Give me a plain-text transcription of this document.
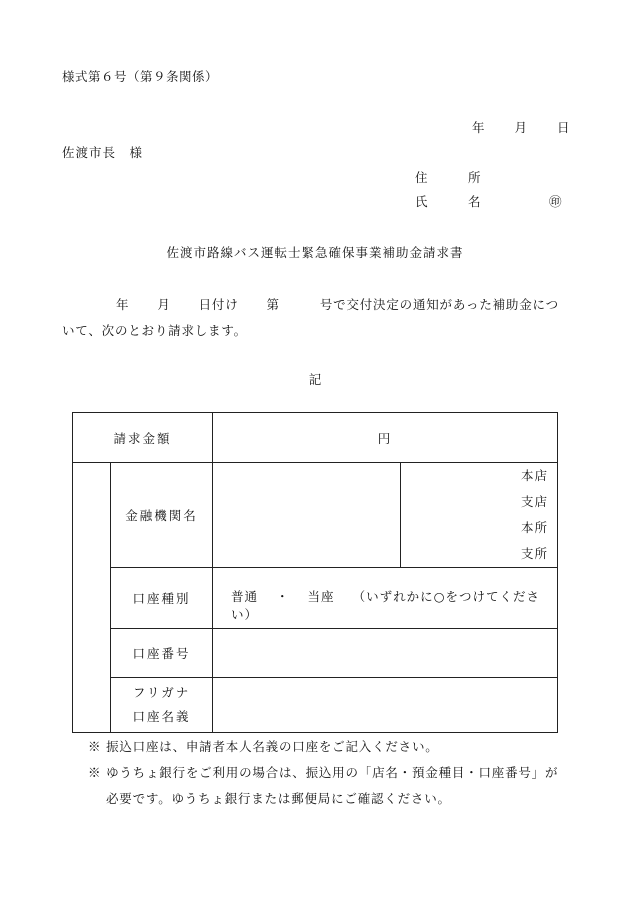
様式第６号（第９条関係）
年 月 日
佐渡市長　様
住　所
氏　名	㊞
佐渡市路線バス運転士緊急確保事業補助金請求書
年 月 日付け 第	号で交付決定の通知があった補助金につ
いて、次のとおり請求します。
記
請求金額		円	
	金融機関名		本店
支店
本所
支所

	口座種別	普通 ・ 当座 （いずれかに○をつけてください）	
	口座番号		

	フリガナ
口座名義		

※ 振込口座は、申請者本人名義の口座をご記入ください。
※ ゆうちょ銀行をご利用の場合は、振込用の「店名・預金種目・口座番号」が
必要です。ゆうちょ銀行または郵便局にご確認ください。
